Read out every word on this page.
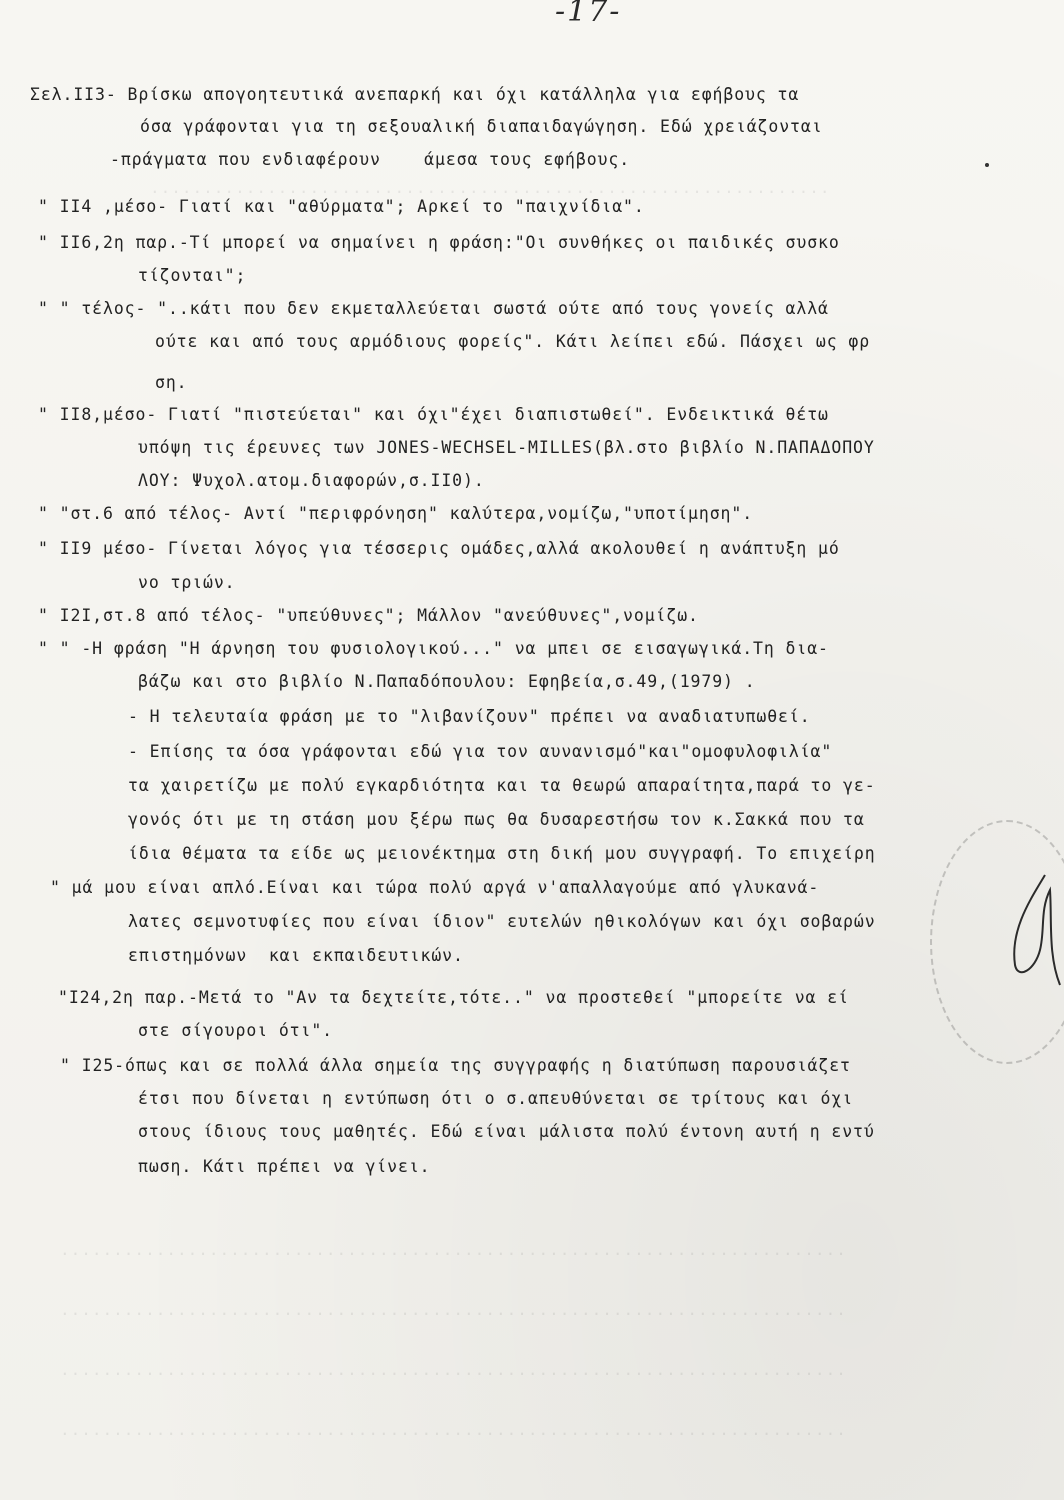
-17-
................................................................
..........................................................................
..........................................................................
..........................................................................
..........................................................................
Σελ.ΙΙ3- Βρίσκω απογοητευτικά ανεπαρκή και όχι κατάλληλα για εφήβους τα
όσα γράφονται για τη σεξουαλική διαπαιδαγώγηση. Εδώ χρειάζονται
-πράγματα που ενδιαφέρουν    άμεσα τους εφήβους.
" ΙΙ4 ,μέσο- Γιατί και "αθύρματα"; Αρκεί το "παιχνίδια".
" ΙΙ6,2η παρ.-Τί μπορεί να σημαίνει η φράση:"Οι συνθήκες οι παιδικές συσκο
τίζονται";
" " τέλος- "..κάτι που δεν εκμεταλλεύεται σωστά ούτε από τους γονείς αλλά
ούτε και από τους αρμόδιους φορείς". Κάτι λείπει εδώ. Πάσχει ως φρ
ση.
" ΙΙ8,μέσο- Γιατί "πιστεύεται" και όχι"έχει διαπιστωθεί". Ενδεικτικά θέτω
υπόψη τις έρευνες των JONES-WECHSEL-MILLES(βλ.στο βιβλίο Ν.ΠΑΠΑΔΟΠΟΥ
ΛΟΥ: Ψυχολ.ατομ.διαφορών,σ.ΙΙ0).
" "στ.6 από τέλος- Αντί "περιφρόνηση" καλύτερα,νομίζω,"υποτίμηση".
" ΙΙ9 μέσο- Γίνεται λόγος για τέσσερις ομάδες,αλλά ακολουθεί η ανάπτυξη μό
νο τριών.
" Ι2Ι,στ.8 από τέλος- "υπεύθυνες"; Μάλλον "ανεύθυνες",νομίζω.
" " -Η φράση "Η άρνηση του φυσιολογικού..." να μπει σε εισαγωγικά.Τη δια-
βάζω και στο βιβλίο Ν.Παπαδόπουλου: Εφηβεία,σ.49,(1979) .
- Η τελευταία φράση με το "λιβανίζουν" πρέπει να αναδιατυπωθεί.
- Επίσης τα όσα γράφονται εδώ για τον αυνανισμό"και"ομοφυλοφιλία"
τα χαιρετίζω με πολύ εγκαρδιότητα και τα θεωρώ απαραίτητα,παρά το γε-
γονός ότι με τη στάση μου ξέρω πως θα δυσαρεστήσω τον κ.Σακκά που τα
ίδια θέματα τα είδε ως μειονέκτημα στη δική μου συγγραφή. Το επιχείρη
" μά μου είναι απλό.Είναι και τώρα πολύ αργά ν'απαλλαγούμε από γλυκανά-
λατες σεμνοτυφίες που είναι ίδιον" ευτελών ηθικολόγων και όχι σοβαρών
επιστημόνων  και εκπαιδευτικών.
"Ι24,2η παρ.-Μετά το "Αν τα δεχτείτε,τότε.." να προστεθεί "μπορείτε να εί
στε σίγουροι ότι".
" Ι25-όπως και σε πολλά άλλα σημεία της συγγραφής η διατύπωση παρουσιάζετ
έτσι που δίνεται η εντύπωση ότι ο σ.απευθύνεται σε τρίτους και όχι
στους ίδιους τους μαθητές. Εδώ είναι μάλιστα πολύ έντονη αυτή η εντύ
πωση. Κάτι πρέπει να γίνει.
